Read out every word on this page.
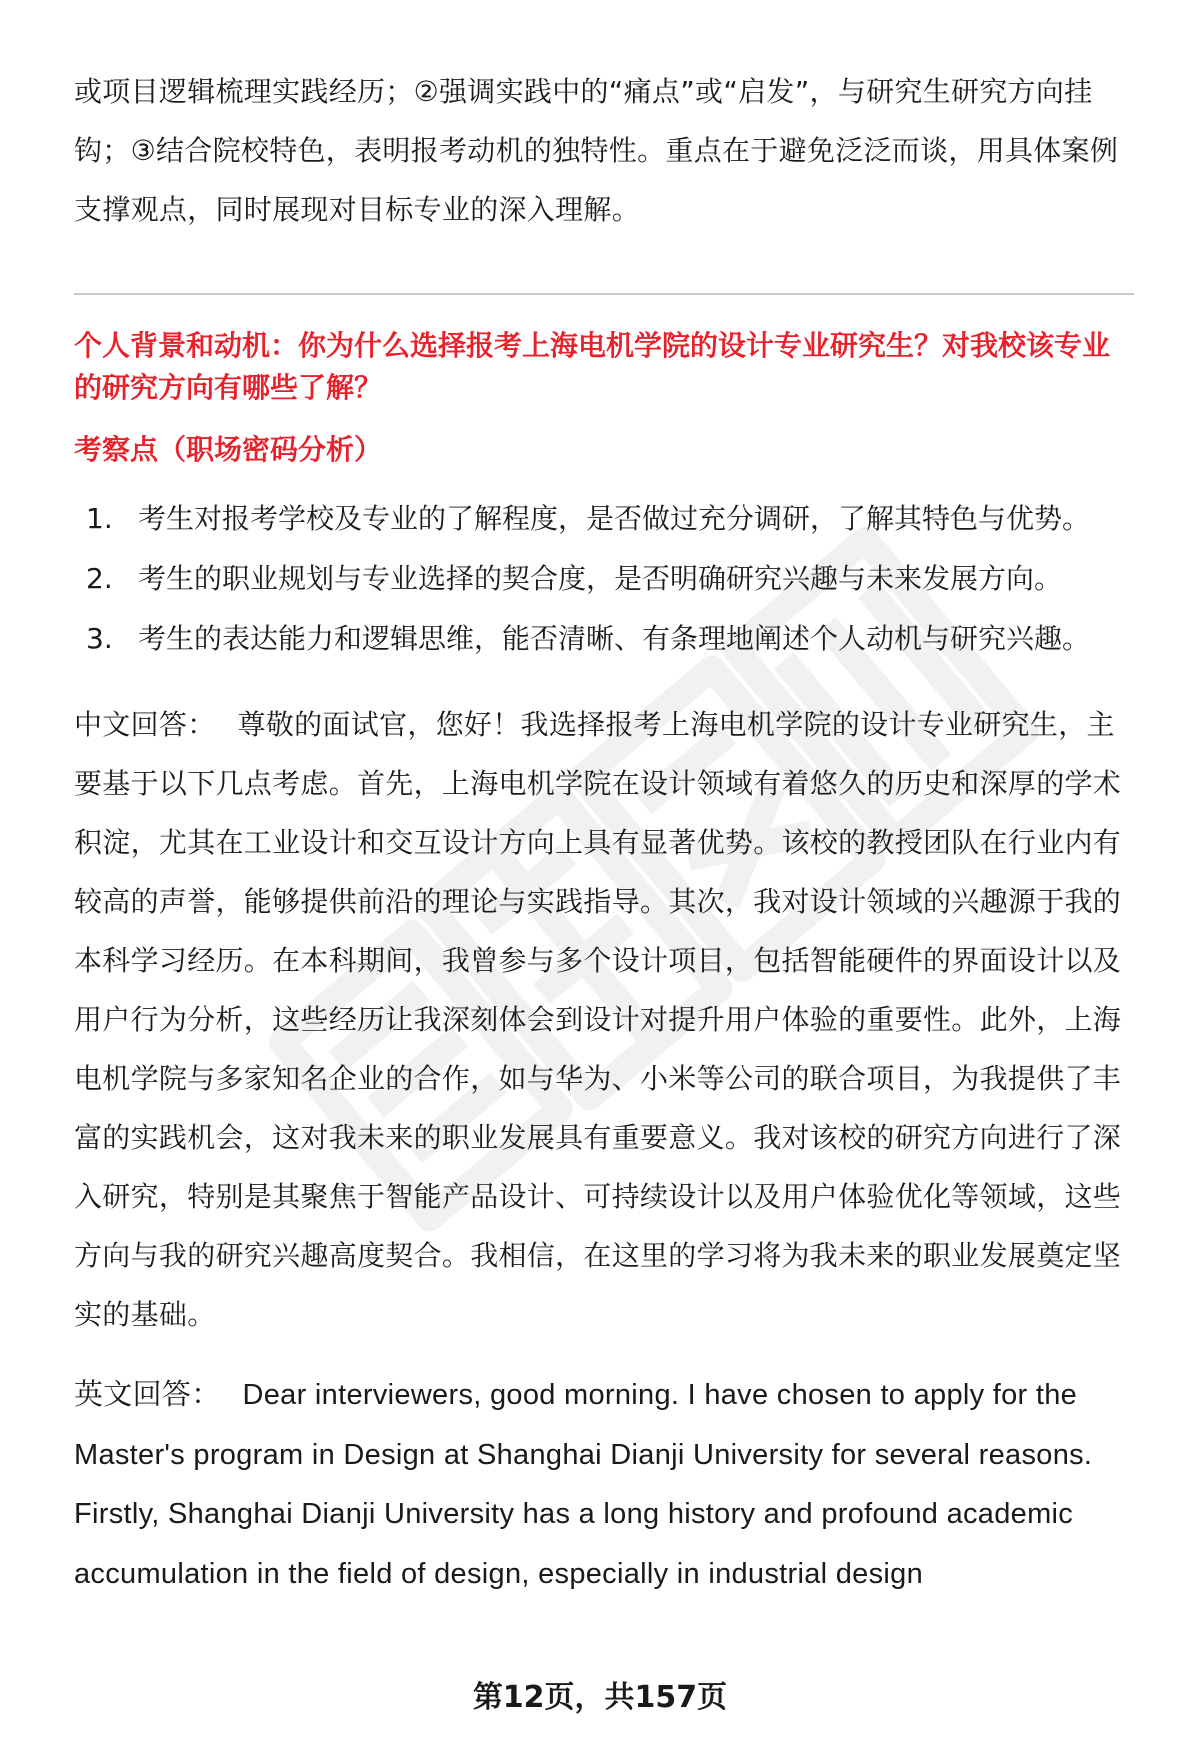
或项目逻辑梳理实践经历；②强调实践中的“痛点”或“启发”，与研究生研究方向挂钩；③结合院校特色，表明报考动机的独特性。重点在于避免泛泛而谈，用具体案例支撑观点，同时展现对目标专业的深入理解。

个人背景和动机：你为什么选择报考上海电机学院的设计专业研究生？对我校该专业的研究方向有哪些了解？

考察点（职场密码分析）

1. 考生对报考学校及专业的了解程度，是否做过充分调研，了解其特色与优势。
2. 考生的职业规划与专业选择的契合度，是否明确研究兴趣与未来发展方向。
3. 考生的表达能力和逻辑思维，能否清晰、有条理地阐述个人动机与研究兴趣。

中文回答： 尊敬的面试官，您好！我选择报考上海电机学院的设计专业研究生，主要基于以下几点考虑。首先，上海电机学院在设计领域有着悠久的历史和深厚的学术积淀，尤其在工业设计和交互设计方向上具有显著优势。该校的教授团队在行业内有较高的声誉，能够提供前沿的理论与实践指导。其次，我对设计领域的兴趣源于我的本科学习经历。在本科期间，我曾参与多个设计项目，包括智能硬件的界面设计以及用户行为分析，这些经历让我深刻体会到设计对提升用户体验的重要性。此外，上海电机学院与多家知名企业的合作，如与华为、小米等公司的联合项目，为我提供了丰富的实践机会，这对我未来的职业发展具有重要意义。我对该校的研究方向进行了深入研究，特别是其聚焦于智能产品设计、可持续设计以及用户体验优化等领域，这些方向与我的研究兴趣高度契合。我相信，在这里的学习将为我未来的职业发展奠定坚实的基础。

英文回答： Dear interviewers, good morning. I have chosen to apply for the Master's program in Design at Shanghai Dianji University for several reasons. Firstly, Shanghai Dianji University has a long history and profound academic accumulation in the field of design, especially in industrial design

第12页，共157页
